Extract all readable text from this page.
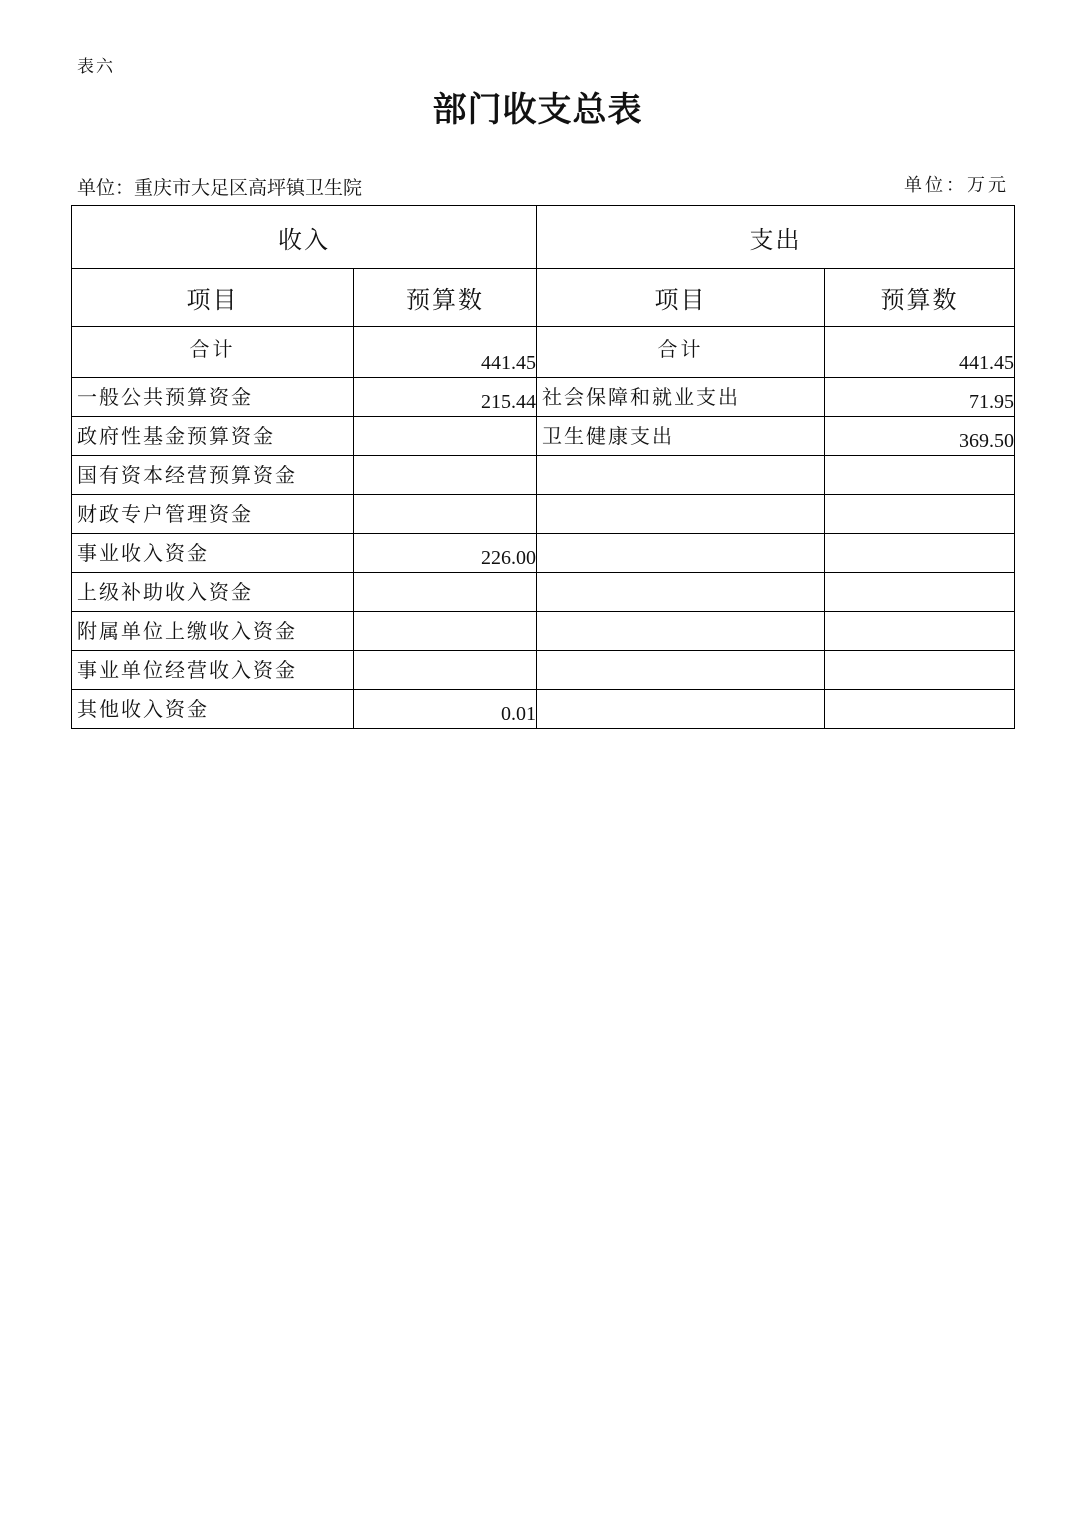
表六
部门收支总表
单位：重庆市大足区高坪镇卫生院	单位：万元
收入		支出	
项目	预算数	项目	预算数
合计	441.45	合计	441.45
一般公共预算资金	215.44	社会保障和就业支出	71.95
政府性基金预算资金		卫生健康支出	369.50
国有资本经营预算资金			
财政专户管理资金			
事业收入资金	226.00		
上级补助收入资金			
附属单位上缴收入资金			
事业单位经营收入资金			
其他收入资金	0.01		
